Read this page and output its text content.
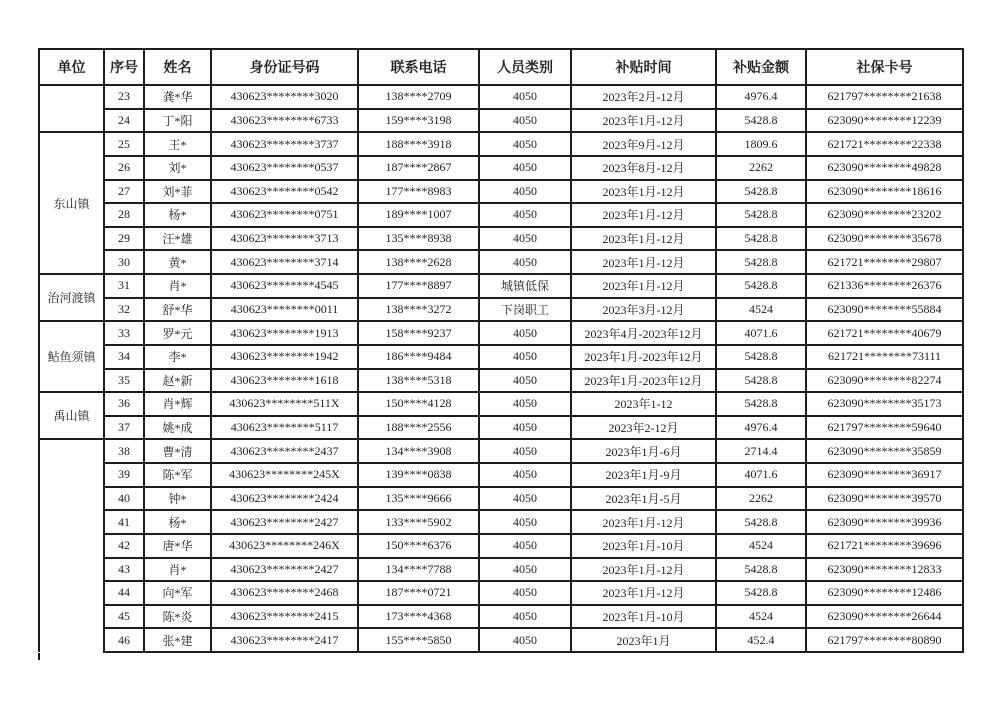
单位	序号	姓名	身份证号码	联系电话	人员类别	补贴时间	补贴金额	社保卡号
	23	龚*华	430623********3020	138****2709	4050	2023年2月-12月	4976.4	621797********21638
	24	丁*阳	430623********6733	159****3198	4050	2023年1月-12月	5428.8	623090********12239
东山镇	25	王*	430623********3737	188****3918	4050	2023年9月-12月	1809.6	621721********22338
	26	刘*	430623********0537	187****2867	4050	2023年8月-12月	2262	623090********49828
	27	刘*菲	430623********0542	177****8983	4050	2023年1月-12月	5428.8	623090********18616
	28	杨*	430623********0751	189****1007	4050	2023年1月-12月	5428.8	623090********23202
	29	汪*雄	430623********3713	135****8938	4050	2023年1月-12月	5428.8	623090********35678
	30	黄*	430623********3714	138****2628	4050	2023年1月-12月	5428.8	621721********29807
治河渡镇	31	肖*	430623********4545	177****8897	城镇低保	2023年1月-12月	5428.8	621336********26376
	32	舒*华	430623********0011	138****3272	下岗职工	2023年3月-12月	4524	623090********55884
鲇鱼须镇	33	罗*元	430623********1913	158****9237	4050	2023年4月-2023年12月	4071.6	621721********40679
	34	李*	430623********1942	186****9484	4050	2023年1月-2023年12月	5428.8	621721********73111
	35	赵*新	430623********1618	138****5318	4050	2023年1月-2023年12月	5428.8	623090********82274
禹山镇	36	肖*辉	430623********511X	150****4128	4050	2023年1-12	5428.8	623090********35173
	37	姚*成	430623********5117	188****2556	4050	2023年2-12月	4976.4	621797********59640
	38	曹*清	430623********2437	134****3908	4050	2023年1月-6月	2714.4	623090********35859
	39	陈*军	430623********245X	139****0838	4050	2023年1月-9月	4071.6	623090********36917
	40	钟*	430623********2424	135****9666	4050	2023年1月-5月	2262	623090********39570
	41	杨*	430623********2427	133****5902	4050	2023年1月-12月	5428.8	623090********39936
	42	唐*华	430623********246X	150****6376	4050	2023年1月-10月	4524	621721********39696
	43	肖*	430623********2427	134****7788	4050	2023年1月-12月	5428.8	623090********12833
	44	向*军	430623********2468	187****0721	4050	2023年1月-12月	5428.8	623090********12486
	45	陈*炎	430623********2415	173****4368	4050	2023年1月-10月	4524	623090********26644
	46	张*建	430623********2417	155****5850	4050	2023年1月	452.4	621797********80890
